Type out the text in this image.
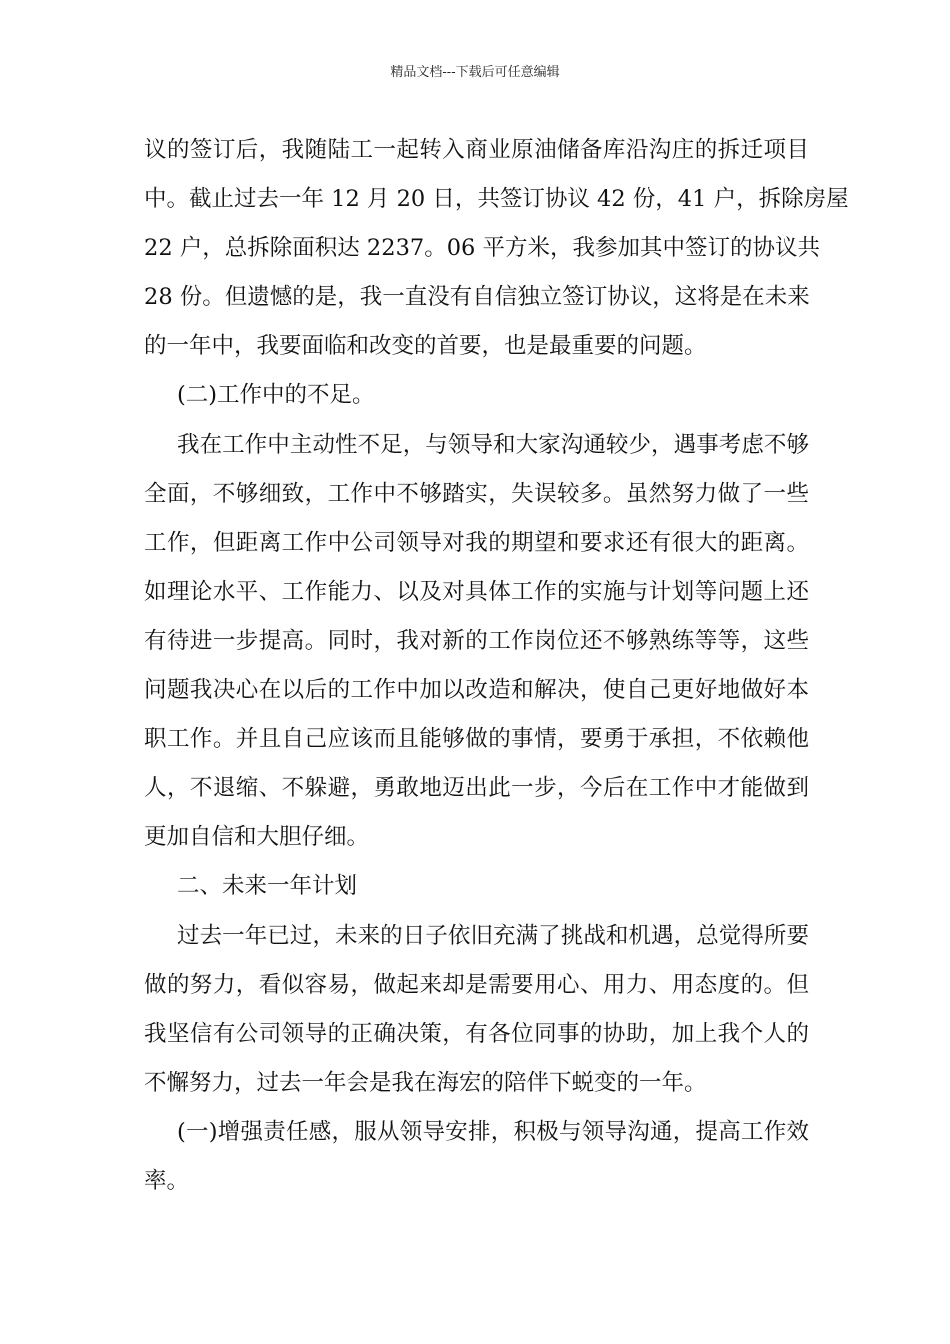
精品文档---下载后可任意编辑
议的签订后，我随陆工一起转入商业原油储备库沿沟庄的拆迁项目
中。截止过去一年 12 月 20 日，共签订协议 42 份，41 户，拆除房屋
22 户，总拆除面积达 2237。06 平方米，我参加其中签订的协议共
28 份。但遗憾的是，我一直没有自信独立签订协议，这将是在未来
的一年中，我要面临和改变的首要，也是最重要的问题。
(二)工作中的不足。
我在工作中主动性不足，与领导和大家沟通较少，遇事考虑不够
全面，不够细致，工作中不够踏实，失误较多。虽然努力做了一些
工作，但距离工作中公司领导对我的期望和要求还有很大的距离。
如理论水平、工作能力、以及对具体工作的实施与计划等问题上还
有待进一步提高。同时，我对新的工作岗位还不够熟练等等，这些
问题我决心在以后的工作中加以改造和解决，使自己更好地做好本
职工作。并且自己应该而且能够做的事情，要勇于承担，不依赖他
人，不退缩、不躲避，勇敢地迈出此一步，今后在工作中才能做到
更加自信和大胆仔细。
二、未来一年计划
过去一年已过，未来的日子依旧充满了挑战和机遇，总觉得所要
做的努力，看似容易，做起来却是需要用心、用力、用态度的。但
我坚信有公司领导的正确决策，有各位同事的协助，加上我个人的
不懈努力，过去一年会是我在海宏的陪伴下蜕变的一年。
(一)增强责任感，服从领导安排，积极与领导沟通，提高工作效
率。
